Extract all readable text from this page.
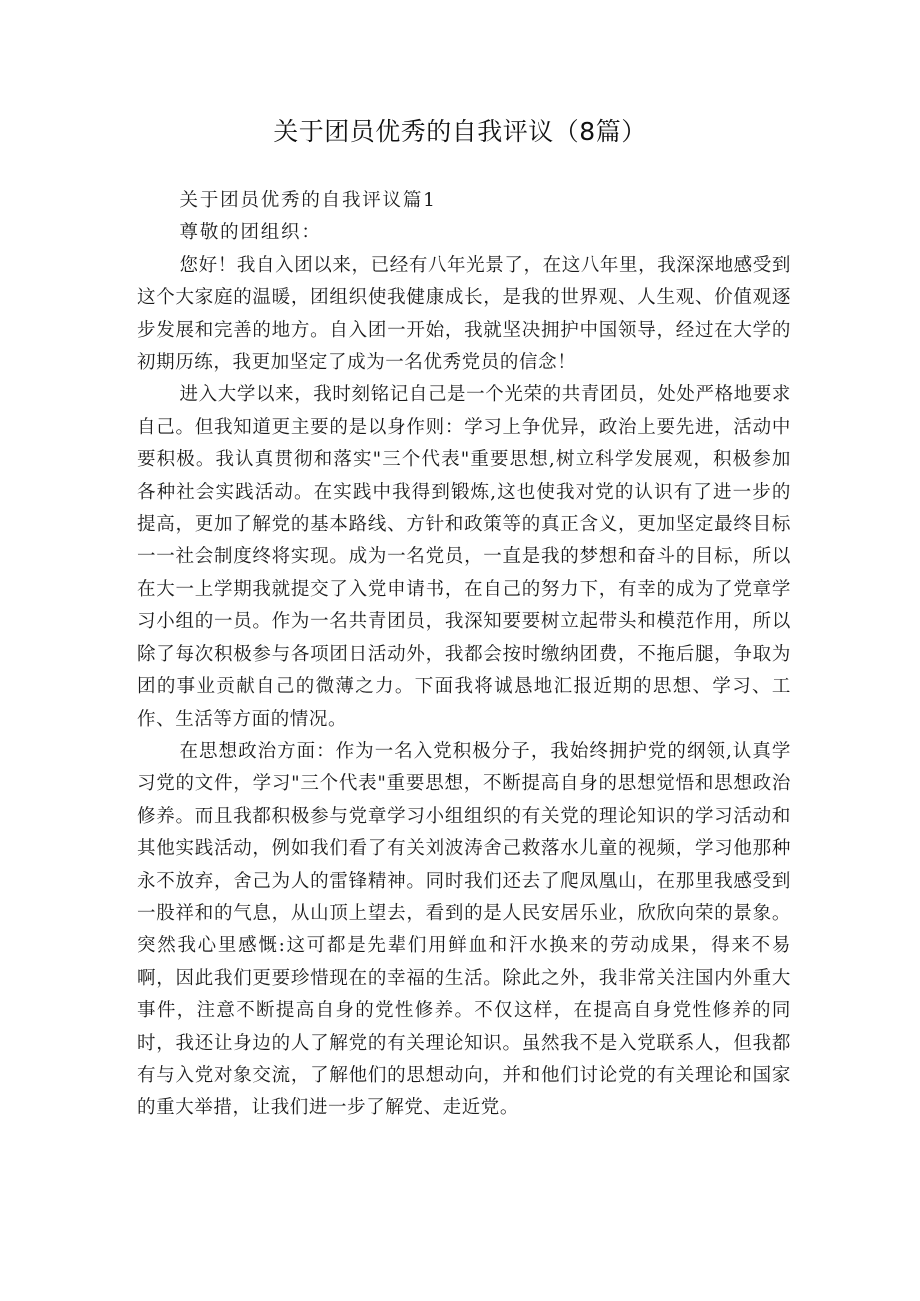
关于团员优秀的自我评议（8篇）

关于团员优秀的自我评议篇1

尊敬的团组织：

您好！我自入团以来，已经有八年光景了，在这八年里，我深深地感受到这个大家庭的温暖，团组织使我健康成长，是我的世界观、人生观、价值观逐步发展和完善的地方。自入团一开始，我就坚决拥护中国领导，经过在大学的初期历练，我更加坚定了成为一名优秀党员的信念！

进入大学以来，我时刻铭记自己是一个光荣的共青团员，处处严格地要求自己。但我知道更主要的是以身作则：学习上争优异，政治上要先进，活动中要积极。我认真贯彻和落实"三个代表"重要思想,树立科学发展观，积极参加各种社会实践活动。在实践中我得到锻炼,这也使我对党的认识有了进一步的提高，更加了解党的基本路线、方针和政策等的真正含义，更加坚定最终目标一一社会制度终将实现。成为一名党员，一直是我的梦想和奋斗的目标，所以在大一上学期我就提交了入党申请书，在自己的努力下，有幸的成为了党章学习小组的一员。作为一名共青团员，我深知要要树立起带头和模范作用，所以除了每次积极参与各项团日活动外，我都会按时缴纳团费，不拖后腿，争取为团的事业贡献自己的微薄之力。下面我将诚恳地汇报近期的思想、学习、工作、生活等方面的情况。

在思想政治方面：作为一名入党积极分子，我始终拥护党的纲领,认真学习党的文件，学习"三个代表"重要思想，不断提高自身的思想觉悟和思想政治修养。而且我都积极参与党章学习小组组织的有关党的理论知识的学习活动和其他实践活动，例如我们看了有关刘波涛舍己救落水儿童的视频，学习他那种永不放弃，舍己为人的雷锋精神。同时我们还去了爬凤凰山，在那里我感受到一股祥和的气息，从山顶上望去，看到的是人民安居乐业，欣欣向荣的景象。突然我心里感慨:这可都是先辈们用鲜血和汗水换来的劳动成果，得来不易啊，因此我们更要珍惜现在的幸福的生活。除此之外，我非常关注国内外重大事件，注意不断提高自身的党性修养。不仅这样，在提高自身党性修养的同时，我还让身边的人了解党的有关理论知识。虽然我不是入党联系人，但我都有与入党对象交流，了解他们的思想动向，并和他们讨论党的有关理论和国家的重大举措，让我们进一步了解党、走近党。
